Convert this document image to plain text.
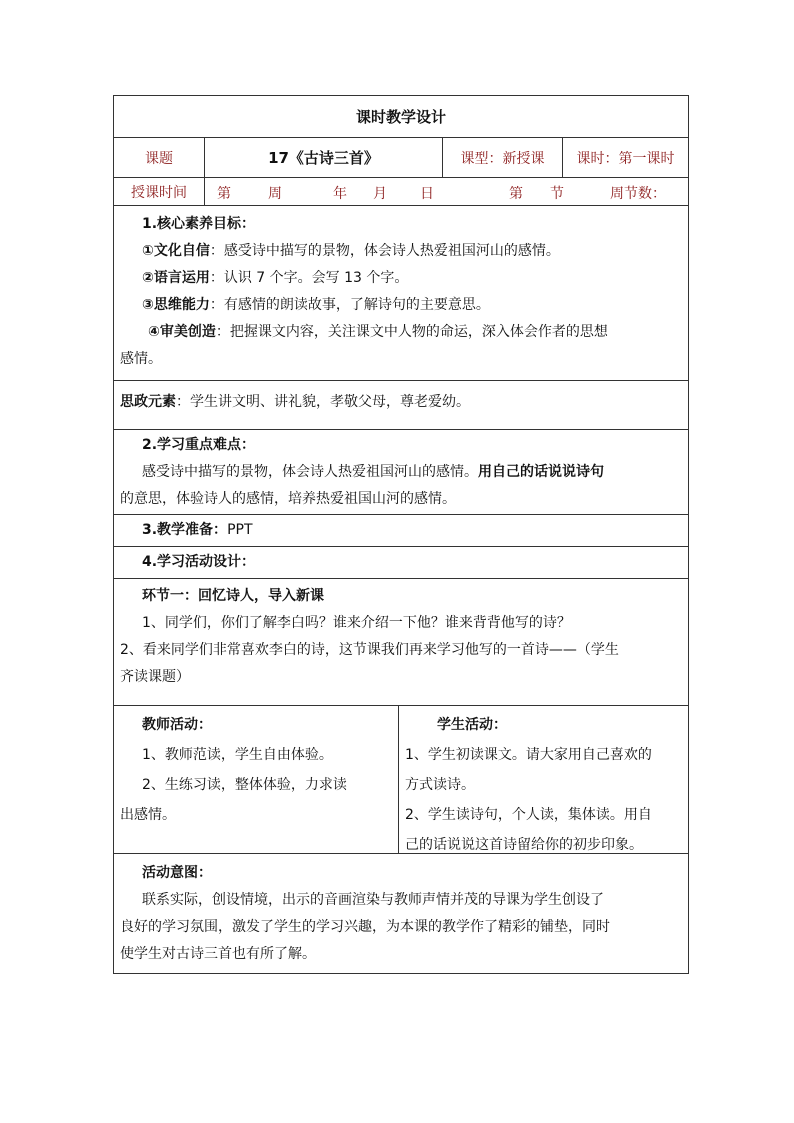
课时教学设计
课题	17《古诗三首》	课型：新授课	课时：第一课时
授课时间	第	周	年 月 日	第 节	周节数：
1.核心素养目标：
①文化自信：感受诗中描写的景物，体会诗人热爱祖国河山的感情。
②语言运用：认识 7 个字。会写 13 个字。
③思维能力：有感情的朗读故事，了解诗句的主要意思。
④审美创造：把握课文内容，关注课文中人物的命运，深入体会作者的思想
感情。
思政元素：学生讲文明、讲礼貌，孝敬父母，尊老爱幼。
2.学习重点难点：
感受诗中描写的景物，体会诗人热爱祖国河山的感情。用自己的话说说诗句
的意思，体验诗人的感情，培养热爱祖国山河的感情。
3.教学准备：PPT
4.学习活动设计：
环节一：回忆诗人，导入新课
1、同学们，你们了解李白吗？谁来介绍一下他？谁来背背他写的诗？
2、看来同学们非常喜欢李白的诗，这节课我们再来学习他写的一首诗——（学生
齐读课题）
教师活动：
1、教师范读，学生自由体验。
2、生练习读，整体体验，力求读
出感情。
学生活动：
1、学生初读课文。请大家用自己喜欢的
方式读诗。
2、学生读诗句，个人读，集体读。用自
己的话说说这首诗留给你的初步印象。
活动意图：
联系实际，创设情境，出示的音画渲染与教师声情并茂的导课为学生创设了
良好的学习氛围，激发了学生的学习兴趣，为本课的教学作了精彩的铺垫，同时
使学生对古诗三首也有所了解。
